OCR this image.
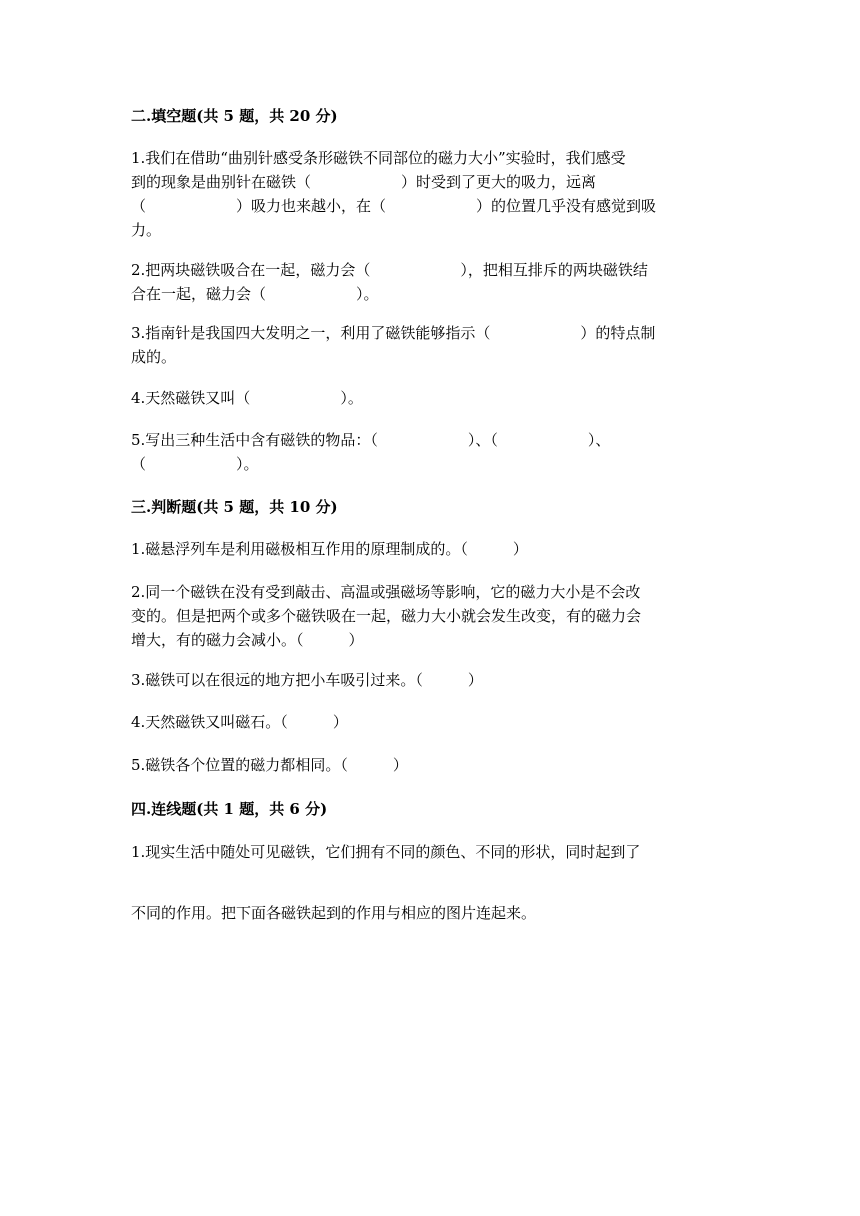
二.填空题(共 5 题，共 20 分)
1.我们在借助“曲别针感受条形磁铁不同部位的磁力大小”实验时，我们感受
到的现象是曲别针在磁铁（　　　　　　）时受到了更大的吸力，远离
（　　　　　　）吸力也来越小，在（　　　　　　）的位置几乎没有感觉到吸
力。
2.把两块磁铁吸合在一起，磁力会（　　　　　　），把相互排斥的两块磁铁结
合在一起，磁力会（　　　　　　）。
3.指南针是我国四大发明之一，利用了磁铁能够指示（　　　　　　）的特点制
成的。
4.天然磁铁又叫（　　　　　　）。
5.写出三种生活中含有磁铁的物品：（　　　　　　）、（　　　　　　）、
（　　　　　　）。
三.判断题(共 5 题，共 10 分)
1.磁悬浮列车是利用磁极相互作用的原理制成的。（　　　）
2.同一个磁铁在没有受到敲击、高温或强磁场等影响，它的磁力大小是不会改
变的。但是把两个或多个磁铁吸在一起，磁力大小就会发生改变，有的磁力会
增大，有的磁力会减小。（　　　）
3.磁铁可以在很远的地方把小车吸引过来。（　　　）
4.天然磁铁又叫磁石。（　　　）
5.磁铁各个位置的磁力都相同。（　　　）
四.连线题(共 1 题，共 6 分)
1.现实生活中随处可见磁铁，它们拥有不同的颜色、不同的形状，同时起到了
不同的作用。把下面各磁铁起到的作用与相应的图片连起来。
